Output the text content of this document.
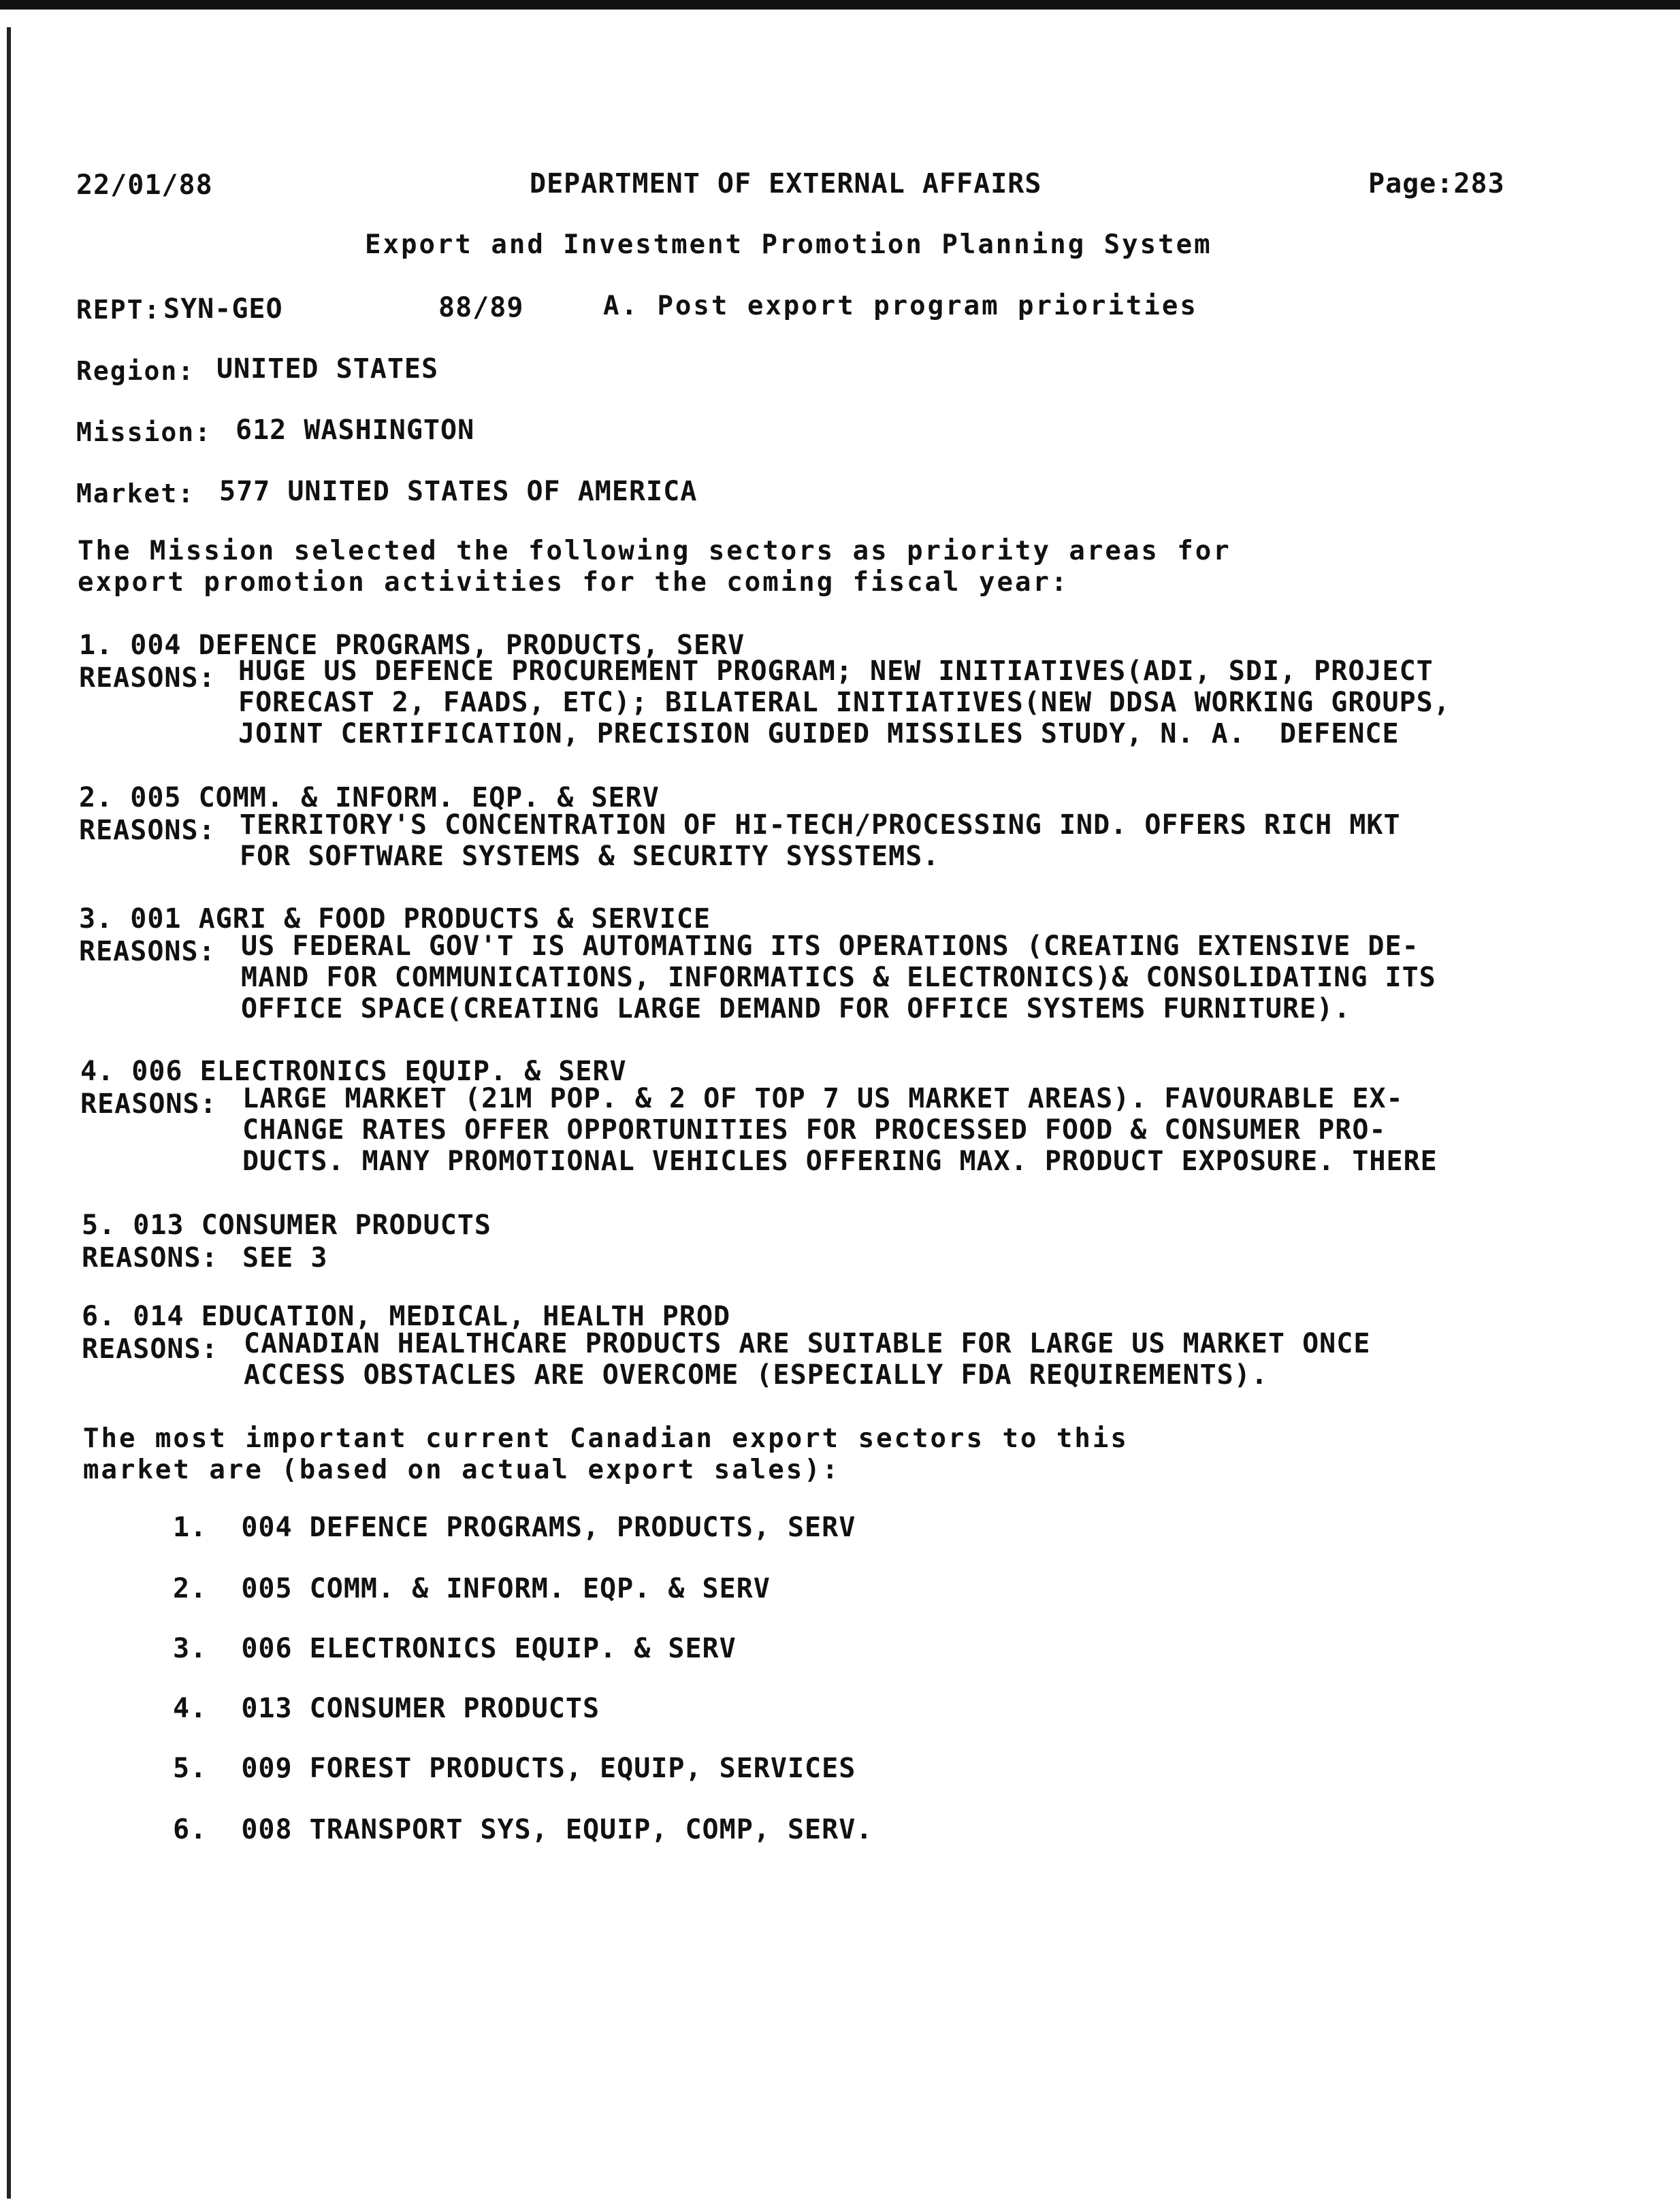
22/01/88	DEPARTMENT OF EXTERNAL AFFAIRS	Page:283
Export and Investment Promotion Planning System
REPT: SYN-GEO	88/89	A. Post export program priorities
Region: UNITED STATES
Mission: 612 WASHINGTON
Market: 577 UNITED STATES OF AMERICA
The Mission selected the following sectors as priority areas for
export promotion activities for the coming fiscal year:
1. 004 DEFENCE PROGRAMS, PRODUCTS, SERV
REASONS: HUGE US DEFENCE PROCUREMENT PROGRAM; NEW INITIATIVES(ADI, SDI, PROJECT
FORECAST 2, FAADS, ETC); BILATERAL INITIATIVES(NEW DDSA WORKING GROUPS,
JOINT CERTIFICATION, PRECISION GUIDED MISSILES STUDY, N. A.  DEFENCE
2. 005 COMM. & INFORM. EQP. & SERV
REASONS: TERRITORY'S CONCENTRATION OF HI-TECH/PROCESSING IND. OFFERS RICH MKT
FOR SOFTWARE SYSTEMS & SECURITY SYSSTEMS.
3. 001 AGRI & FOOD PRODUCTS & SERVICE
REASONS: US FEDERAL GOV'T IS AUTOMATING ITS OPERATIONS (CREATING EXTENSIVE DE-
MAND FOR COMMUNICATIONS, INFORMATICS & ELECTRONICS)& CONSOLIDATING ITS
OFFICE SPACE(CREATING LARGE DEMAND FOR OFFICE SYSTEMS FURNITURE).
4. 006 ELECTRONICS EQUIP. & SERV
REASONS: LARGE MARKET (21M POP. & 2 OF TOP 7 US MARKET AREAS). FAVOURABLE EX-
CHANGE RATES OFFER OPPORTUNITIES FOR PROCESSED FOOD & CONSUMER PRO-
DUCTS. MANY PROMOTIONAL VEHICLES OFFERING MAX. PRODUCT EXPOSURE. THERE
5. 013 CONSUMER PRODUCTS
REASONS: SEE 3
6. 014 EDUCATION, MEDICAL, HEALTH PROD
REASONS: CANADIAN HEALTHCARE PRODUCTS ARE SUITABLE FOR LARGE US MARKET ONCE
ACCESS OBSTACLES ARE OVERCOME (ESPECIALLY FDA REQUIREMENTS).
The most important current Canadian export sectors to this
market are (based on actual export sales):
1.  004 DEFENCE PROGRAMS, PRODUCTS, SERV
2.  005 COMM. & INFORM. EQP. & SERV
3.  006 ELECTRONICS EQUIP. & SERV
4.  013 CONSUMER PRODUCTS
5.  009 FOREST PRODUCTS, EQUIP, SERVICES
6.  008 TRANSPORT SYS, EQUIP, COMP, SERV.
